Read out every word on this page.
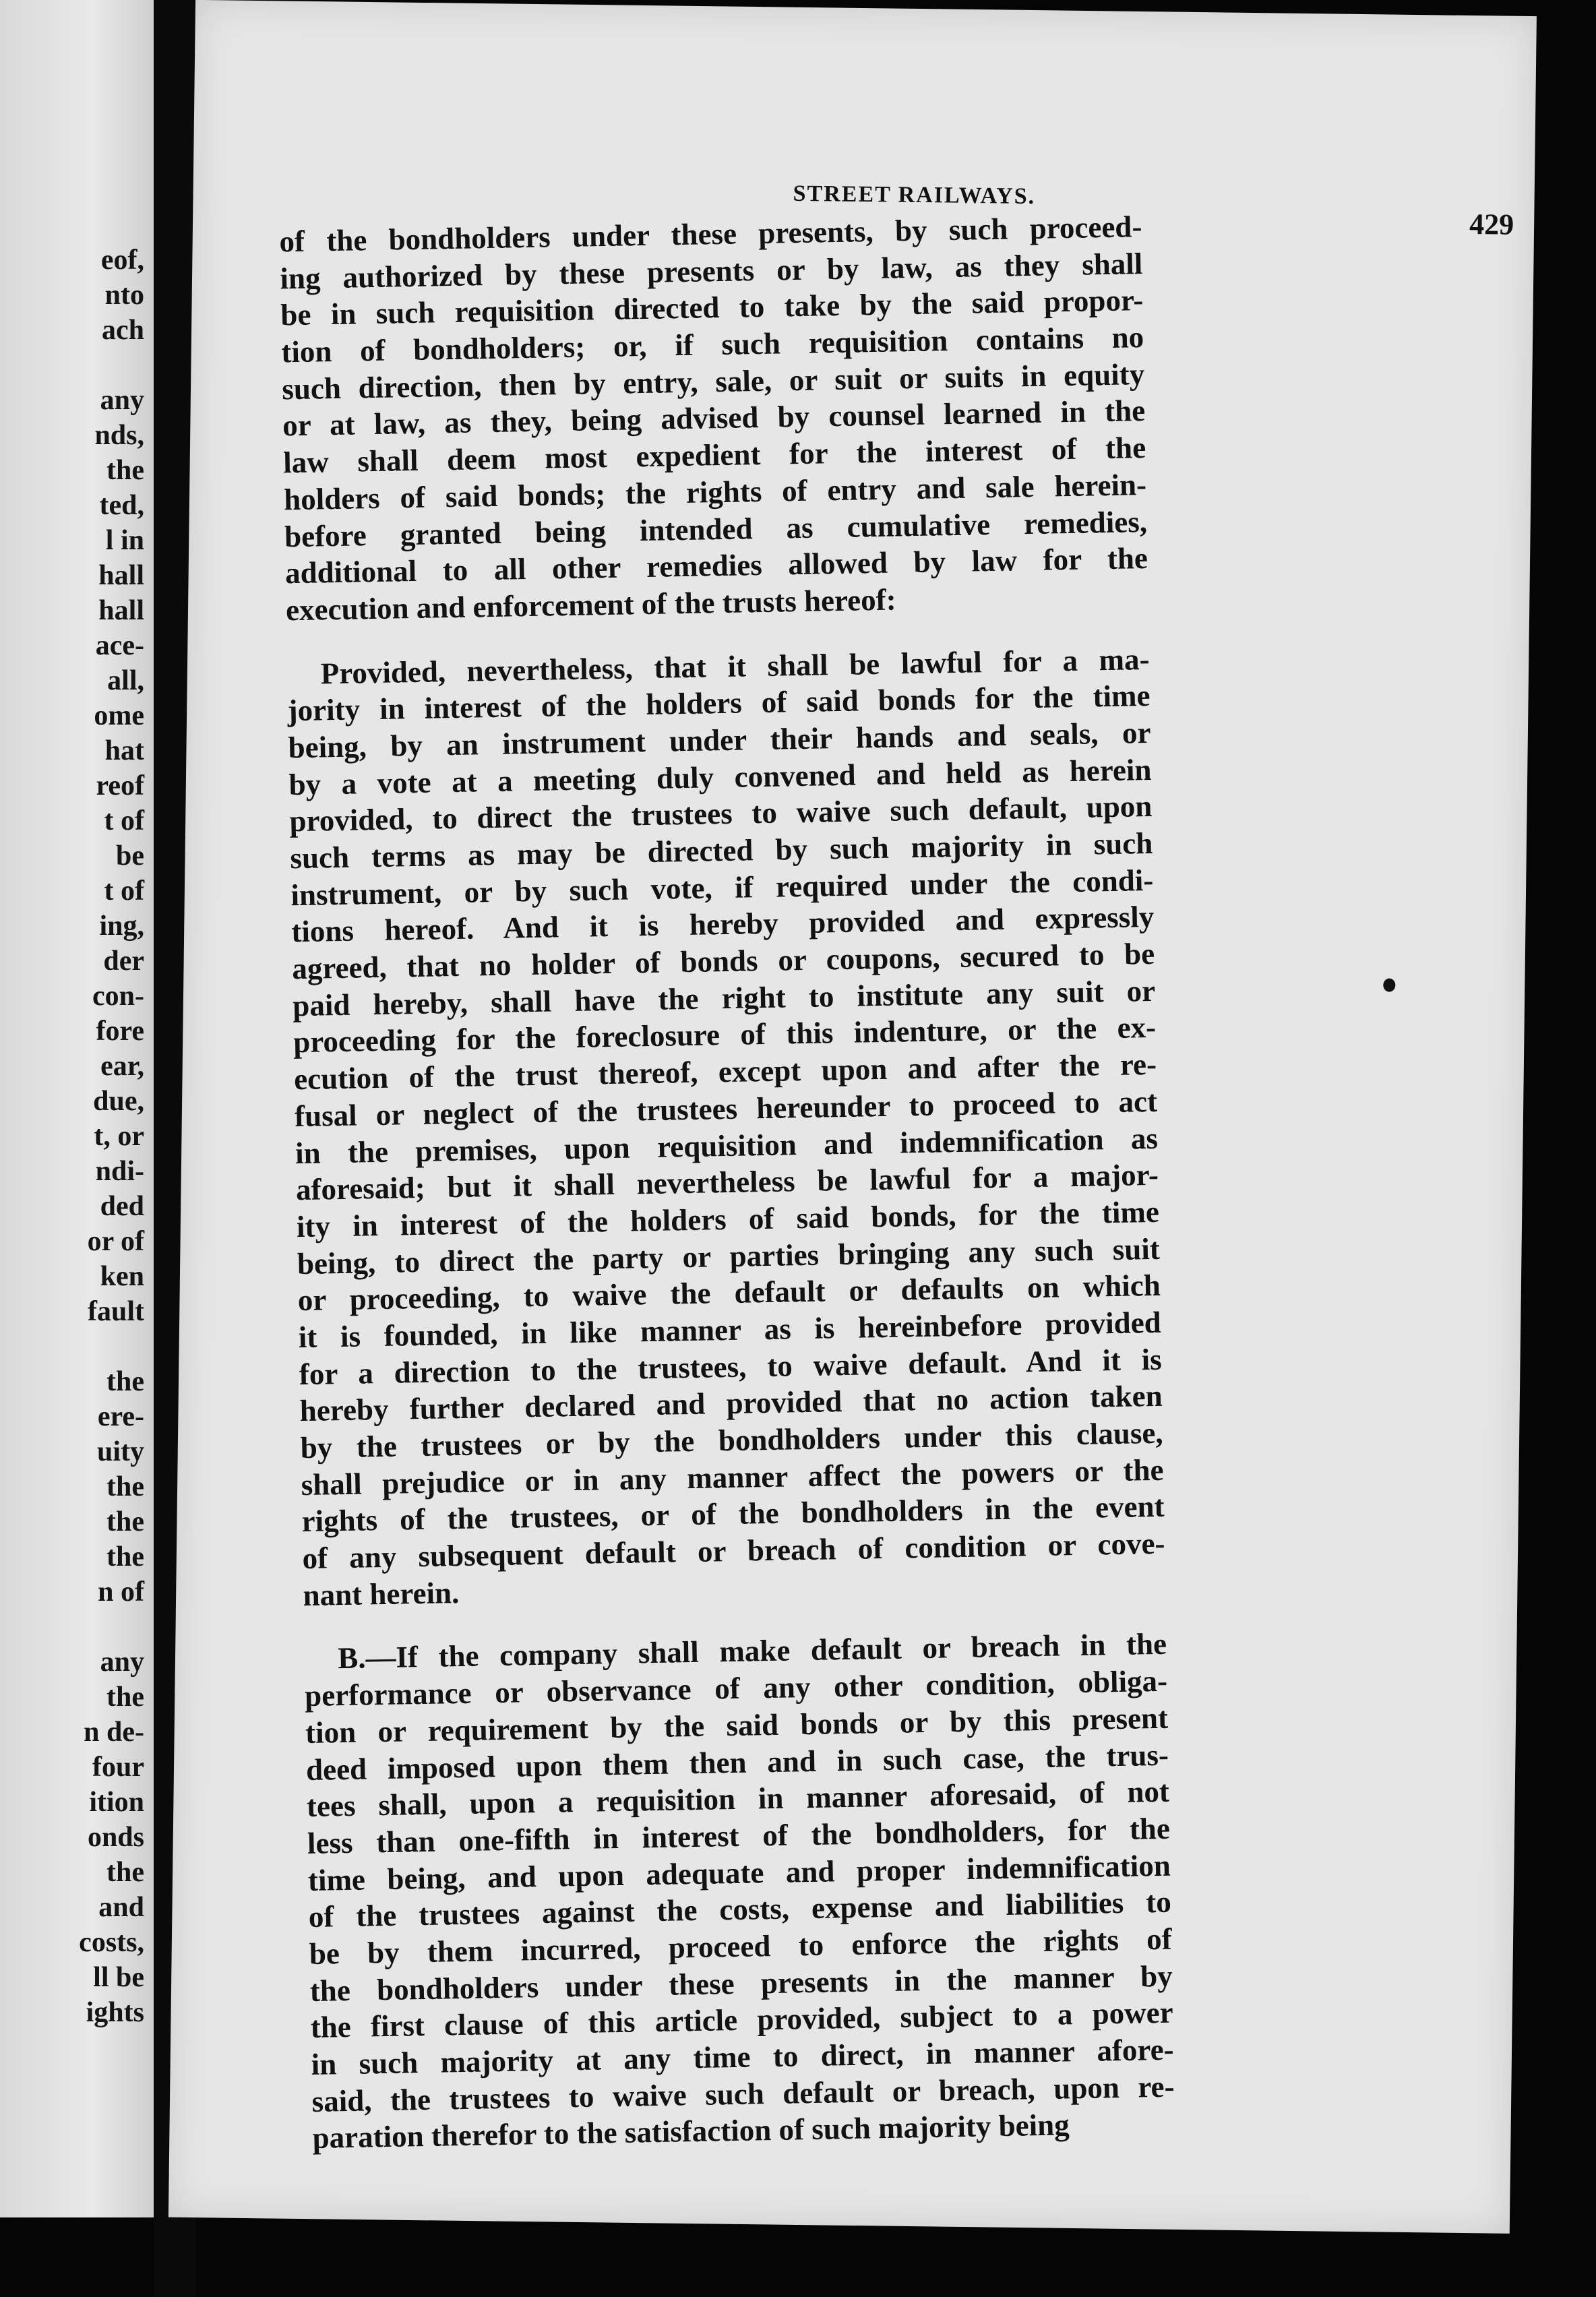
eof,
nto
ach
any
nds,
the
ted,
l in
hall
hall
ace-
all,
ome
hat
reof
t of
be
t of
ing,
der
con-
fore
ear,
due,
t, or
ndi-
ded
or of
ken
fault
the
ere-
uity
the
the
the
n of
any
the
n de-
four
ition
onds
the
and
costs,
ll be
ights
STREET RAILWAYS.
429
of the bondholders under these presents, by such proceed-
ing authorized by these presents or by law, as they shall
be in such requisition directed to take by the said propor-
tion of bondholders; or, if such requisition contains no
such direction, then by entry, sale, or suit or suits in equity
or at law, as they, being advised by counsel learned in the
law shall deem most expedient for the interest of the
holders of said bonds; the rights of entry and sale herein-
before granted being intended as cumulative remedies,
additional to all other remedies allowed by law for the
execution and enforcement of the trusts hereof:
Provided, nevertheless, that it shall be lawful for a ma-
jority in interest of the holders of said bonds for the time
being, by an instrument under their hands and seals, or
by a vote at a meeting duly convened and held as herein
provided, to direct the trustees to waive such default, upon
such terms as may be directed by such majority in such
instrument, or by such vote, if required under the condi-
tions hereof. And it is hereby provided and expressly
agreed, that no holder of bonds or coupons, secured to be
paid hereby, shall have the right to institute any suit or
proceeding for the foreclosure of this indenture, or the ex-
ecution of the trust thereof, except upon and after the re-
fusal or neglect of the trustees hereunder to proceed to act
in the premises, upon requisition and indemnification as
aforesaid; but it shall nevertheless be lawful for a major-
ity in interest of the holders of said bonds, for the time
being, to direct the party or parties bringing any such suit
or proceeding, to waive the default or defaults on which
it is founded, in like manner as is hereinbefore provided
for a direction to the trustees, to waive default. And it is
hereby further declared and provided that no action taken
by the trustees or by the bondholders under this clause,
shall prejudice or in any manner affect the powers or the
rights of the trustees, or of the bondholders in the event
of any subsequent default or breach of condition or cove-
nant herein.
B.—If the company shall make default or breach in the
performance or observance of any other condition, obliga-
tion or requirement by the said bonds or by this present
deed imposed upon them then and in such case, the trus-
tees shall, upon a requisition in manner aforesaid, of not
less than one-fifth in interest of the bondholders, for the
time being, and upon adequate and proper indemnification
of the trustees against the costs, expense and liabilities to
be by them incurred, proceed to enforce the rights of
the bondholders under these presents in the manner by
the first clause of this article provided, subject to a power
in such majority at any time to direct, in manner afore-
said, the trustees to waive such default or breach, upon re-
paration therefor to the satisfaction of such majority being
